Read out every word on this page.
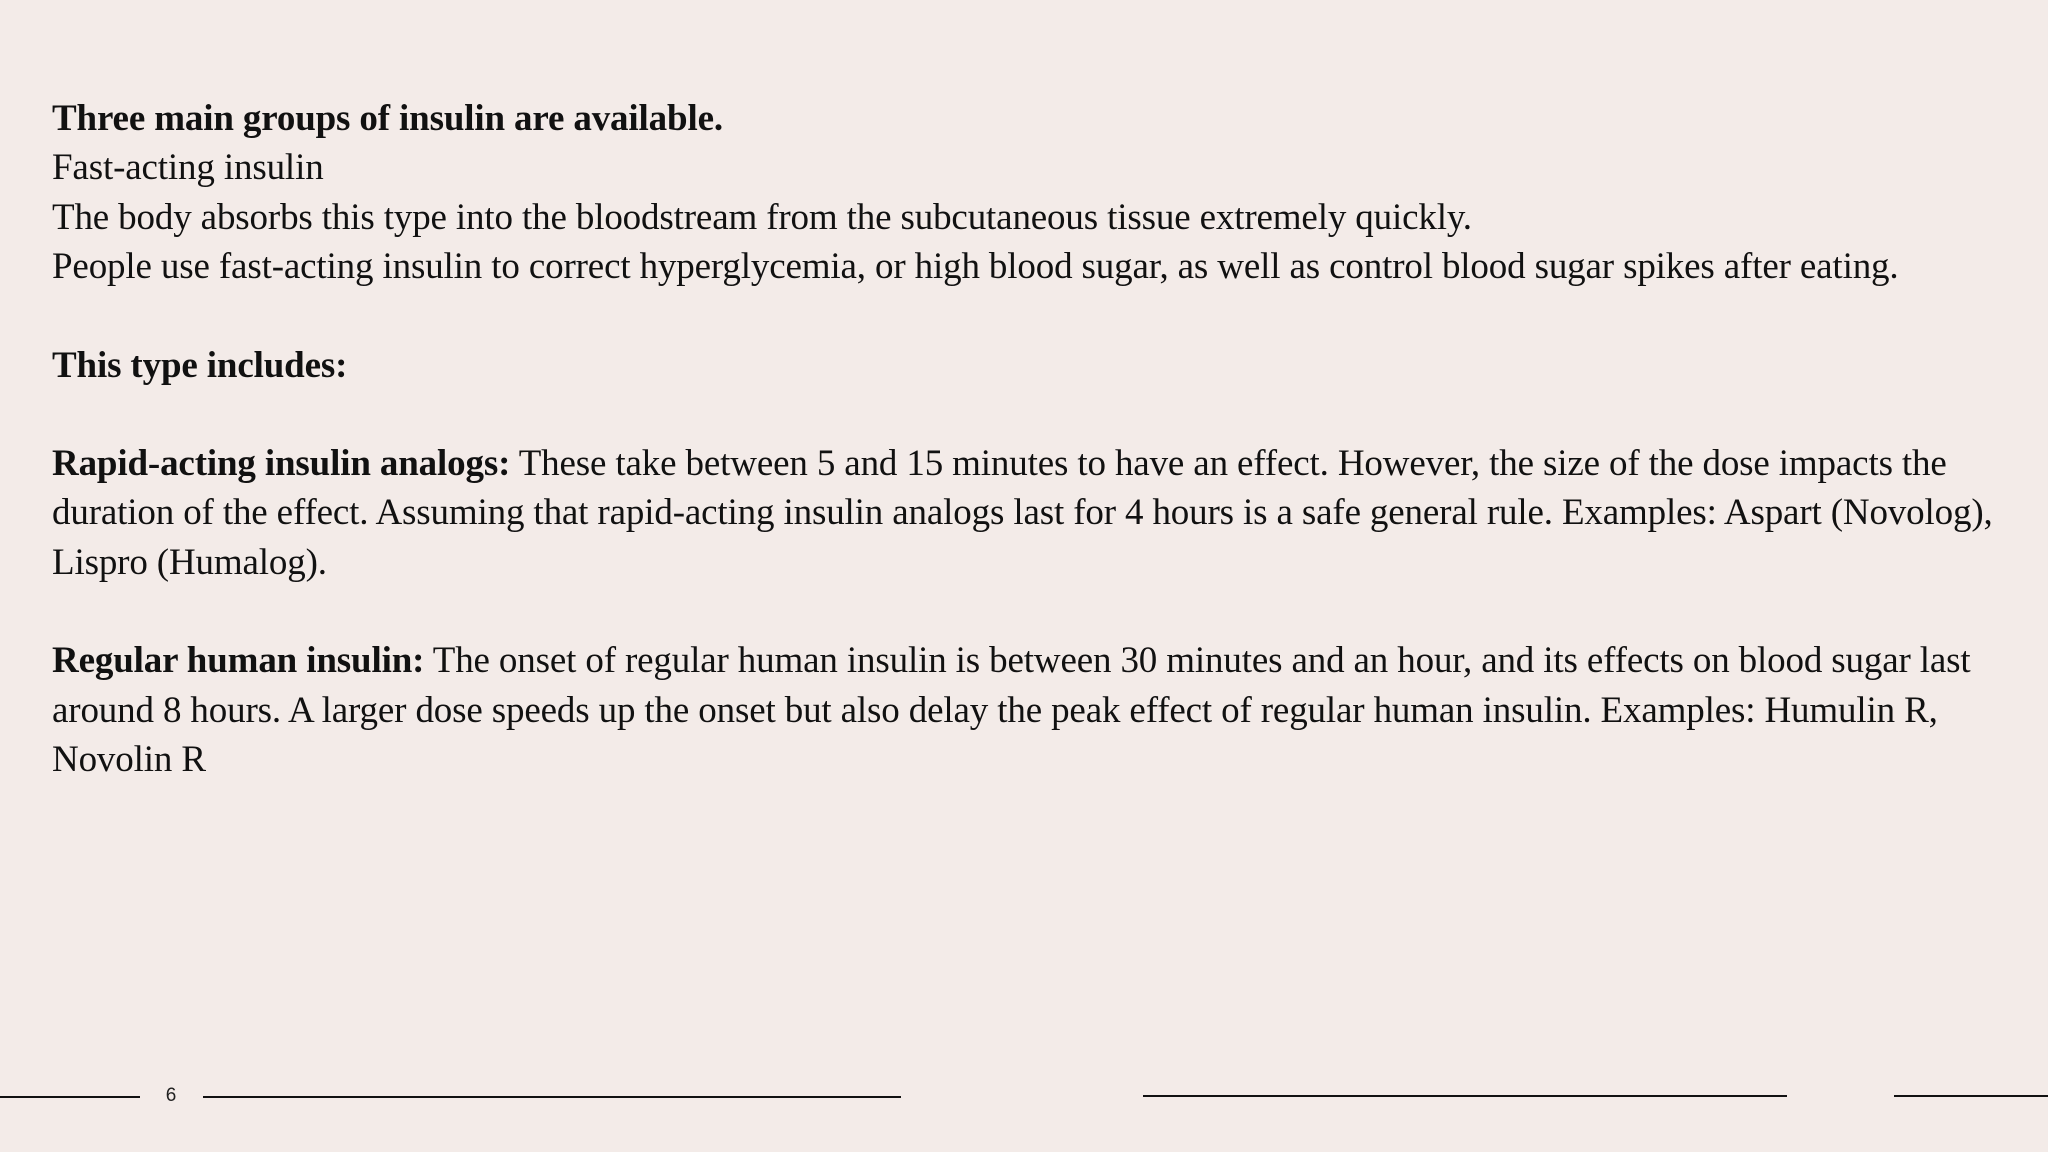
Three main groups of insulin are available.

Fast-acting insulin

The body absorbs this type into the bloodstream from the subcutaneous tissue extremely quickly.

People use fast-acting insulin to correct hyperglycemia, or high blood sugar, as well as control blood sugar spikes after eating.

This type includes:

Rapid-acting insulin analogs: These take between 5 and 15 minutes to have an effect. However, the size of the dose impacts the duration of the effect. Assuming that rapid-acting insulin analogs last for 4 hours is a safe general rule. Examples: Aspart (Novolog), Lispro (Humalog).

Regular human insulin: The onset of regular human insulin is between 30 minutes and an hour, and its effects on blood sugar last around 8 hours. A larger dose speeds up the onset but also delay the peak effect of regular human insulin. Examples: Humulin R, Novolin R

6
